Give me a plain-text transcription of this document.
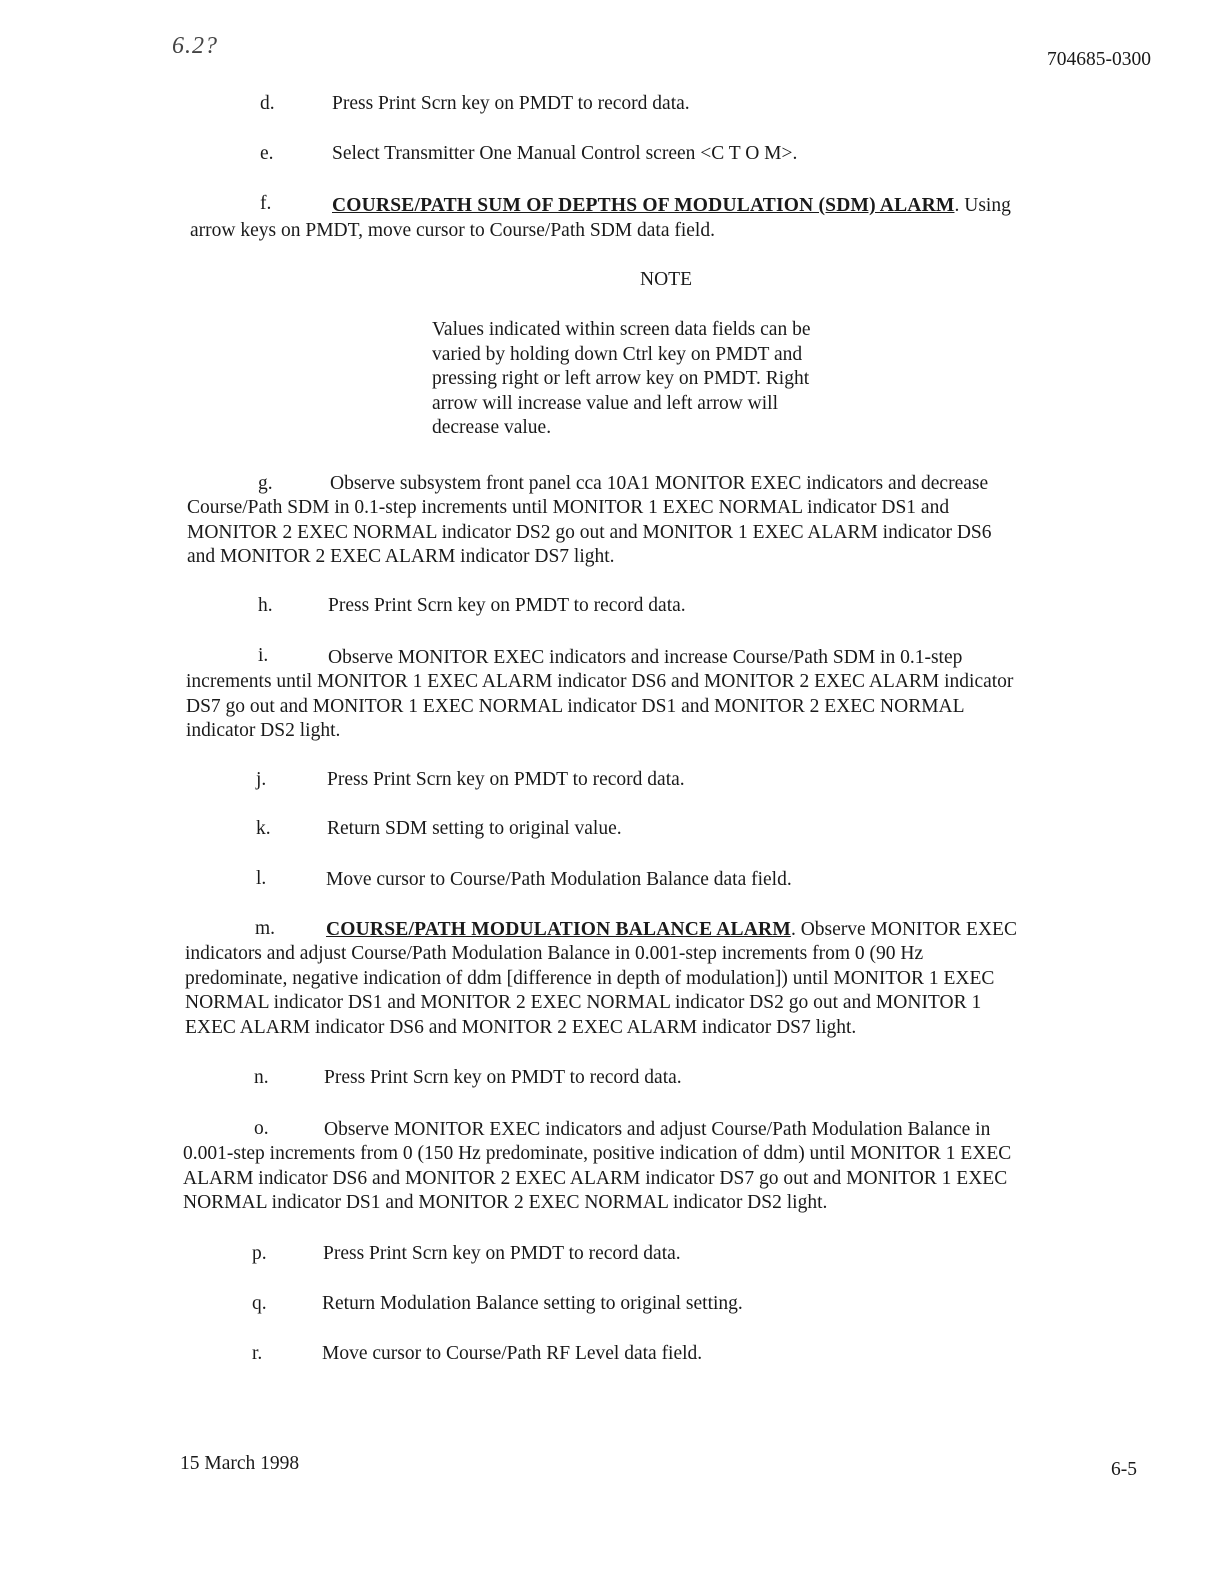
6.2?
704685-0300
d.	Press Print Scrn key on PMDT to record data.
e.	Select Transmitter One Manual Control screen <C T O M>.
f.	COURSE/PATH SUM OF DEPTHS OF MODULATION (SDM) ALARM. Using
arrow keys on PMDT, move cursor to Course/Path SDM data field.
NOTE
Values indicated within screen data fields can be
varied by holding down Ctrl key on PMDT and
pressing right or left arrow key on PMDT. Right
arrow will increase value and left arrow will
decrease value.
g.	Observe subsystem front panel cca 10A1 MONITOR EXEC indicators and decrease
Course/Path SDM in 0.1-step increments until MONITOR 1 EXEC NORMAL indicator DS1 and
MONITOR 2 EXEC NORMAL indicator DS2 go out and MONITOR 1 EXEC ALARM indicator DS6
and MONITOR 2 EXEC ALARM indicator DS7 light.
h.	Press Print Scrn key on PMDT to record data.
i.	Observe MONITOR EXEC indicators and increase Course/Path SDM in 0.1-step
increments until MONITOR 1 EXEC ALARM indicator DS6 and MONITOR 2 EXEC ALARM indicator
DS7 go out and MONITOR 1 EXEC NORMAL indicator DS1 and MONITOR 2 EXEC NORMAL
indicator DS2 light.
j.	Press Print Scrn key on PMDT to record data.
k.	Return SDM setting to original value.
l.	Move cursor to Course/Path Modulation Balance data field.
m.	COURSE/PATH MODULATION BALANCE ALARM. Observe MONITOR EXEC
indicators and adjust Course/Path Modulation Balance in 0.001-step increments from 0 (90 Hz
predominate, negative indication of ddm [difference in depth of modulation]) until MONITOR 1 EXEC
NORMAL indicator DS1 and MONITOR 2 EXEC NORMAL indicator DS2 go out and MONITOR 1
EXEC ALARM indicator DS6 and MONITOR 2 EXEC ALARM indicator DS7 light.
n.	Press Print Scrn key on PMDT to record data.
o.	Observe MONITOR EXEC indicators and adjust Course/Path Modulation Balance in
0.001-step increments from 0 (150 Hz predominate, positive indication of ddm) until MONITOR 1 EXEC
ALARM indicator DS6 and MONITOR 2 EXEC ALARM indicator DS7 go out and MONITOR 1 EXEC
NORMAL indicator DS1 and MONITOR 2 EXEC NORMAL indicator DS2 light.
p.	Press Print Scrn key on PMDT to record data.
q.	Return Modulation Balance setting to original setting.
r.	Move cursor to Course/Path RF Level data field.
15 March 1998	6-5
